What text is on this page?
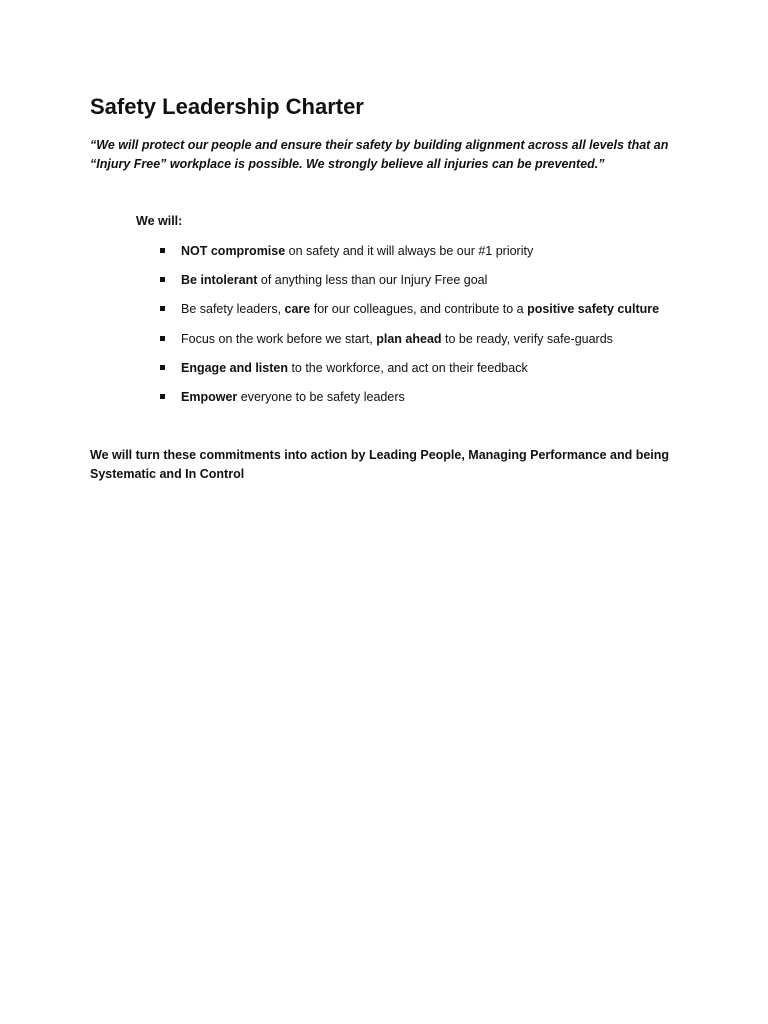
Safety Leadership Charter

“We will protect our people and ensure their safety by building alignment across all levels that an
“Injury Free” workplace is possible. We strongly believe all injuries can be prevented.”

We will:

NOT compromise on safety and it will always be our #1 priority
Be intolerant of anything less than our Injury Free goal
Be safety leaders, care for our colleagues, and contribute to a positive safety culture
Focus on the work before we start, plan ahead to be ready, verify safe-guards
Engage and listen to the workforce, and act on their feedback
Empower everyone to be safety leaders

We will turn these commitments into action by Leading People, Managing Performance and being
Systematic and In Control
